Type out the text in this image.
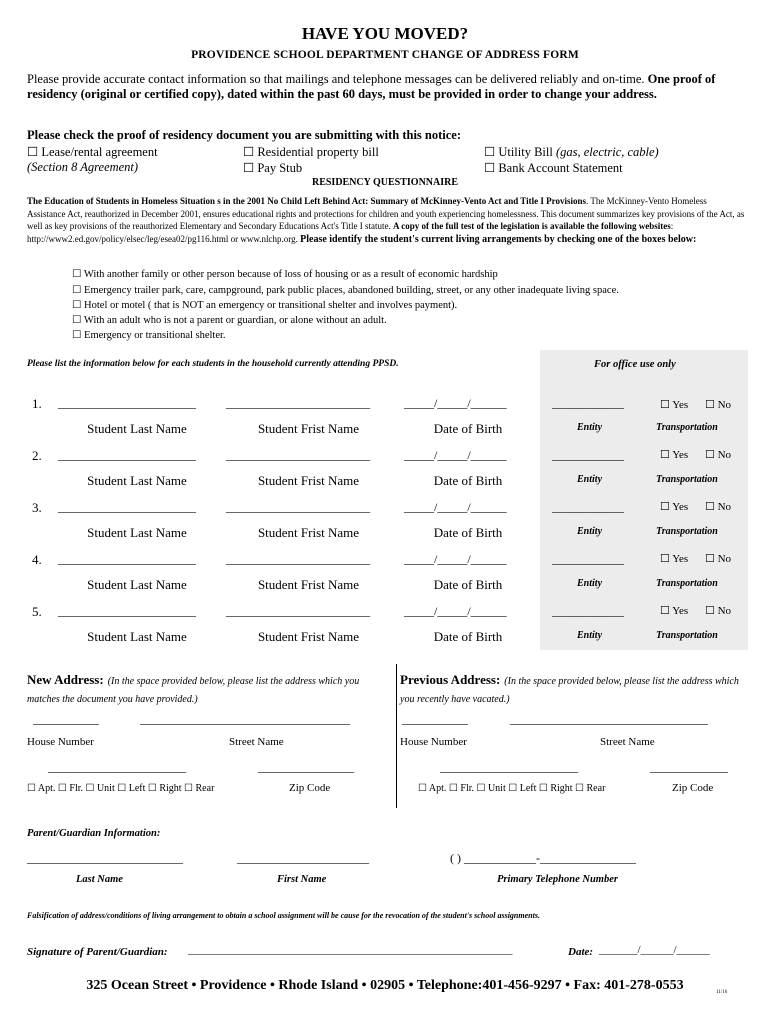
HAVE YOU MOVED?
PROVIDENCE SCHOOL DEPARTMENT CHANGE OF ADDRESS FORM
Please provide accurate contact information so that mailings and telephone messages can be delivered reliably and on-time. One proof of residency (original or certified copy), dated within the past 60 days, must be provided in order to change your address.
Please check the proof of residency document you are submitting with this notice:
☐ Lease/rental agreement
(Section 8 Agreement)
☐ Residential property bill
☐ Pay Stub
☐ Utility Bill (gas, electric, cable)
☐ Bank Account Statement
RESIDENCY QUESTIONNAIRE
The Education of Students in Homeless Situation s in the 2001 No Child Left Behind Act: Summary of McKinney-Vento Act and Title I Provisions. The McKinney-Vento Homeless Assistance Act, reauthorized in December 2001, ensures educational rights and protections for children and youth experiencing homelessness. This document summarizes key provisions of the Act, as well as key provisions of the reauthorized Elementary and Secondary Educations Act's Title I statute. A copy of the full test of the legislation is available the following websites: http://www2.ed.gov/policy/elsec/leg/esea02/pg116.html or www.nlchp.org. Please identify the student's current living arrangements by checking one of the boxes below:
☐ With another family or other person because of loss of housing or as a result of economic hardship
☐ Emergency trailer park, care, campground, park public places, abandoned building, street, or any other inadequate living space.
☐ Hotel or motel ( that is NOT an emergency or transitional shelter and involves payment).
☐ With an adult who is not a parent or guardian, or alone without an adult.
☐ Emergency or transitional shelter.
Please list the information below for each students in the household currently attending PPSD.	For office use only
1. _______________________	________________________	_____/_____/______	____________	☐ Yes ☐ No
Student Last Name	Student Frist Name	Date of Birth	Entity	Transportation
2. _______________________	________________________	_____/_____/______	____________	☐ Yes ☐ No
Student Last Name	Student Frist Name	Date of Birth	Entity	Transportation
3. _______________________	________________________	_____/_____/______	____________	☐ Yes ☐ No
Student Last Name	Student Frist Name	Date of Birth	Entity	Transportation
4. _______________________	________________________	_____/_____/______	____________	☐ Yes ☐ No
Student Last Name	Student Frist Name	Date of Birth	Entity	Transportation
5. _______________________	________________________	_____/_____/______	____________	☐ Yes ☐ No
Student Last Name	Student Frist Name	Date of Birth	Entity	Transportation
New Address: (In the space provided below, please list the address which you matches the document you have provided.)
___________	___________________________________
House Number	Street Name
_______________________	________________
☐ Apt. ☐ Flr. ☐ Unit ☐ Left ☐ Right ☐ Rear	Zip Code
Previous Address: (In the space provided below, please list the address which you recently have vacated.)
___________	_________________________________
House Number	Street Name
_______________________	_____________
☐ Apt. ☐ Flr. ☐ Unit ☐ Left ☐ Right ☐ Rear	Zip Code
Parent/Guardian Information:
__________________________	______________________	( ) ____________-________________
Last Name	First Name	Primary Telephone Number
Falsification of address/conditions of living arrangement to obtain a school assignment will be cause for the revocation of the student's school assignments.
Signature of Parent/Guardian: ___________________________________________________________	Date: _______/______/______
325 Ocean Street • Providence • Rhode Island • 02905 • Telephone:401-456-9297 • Fax: 401-278-0553	11/16
